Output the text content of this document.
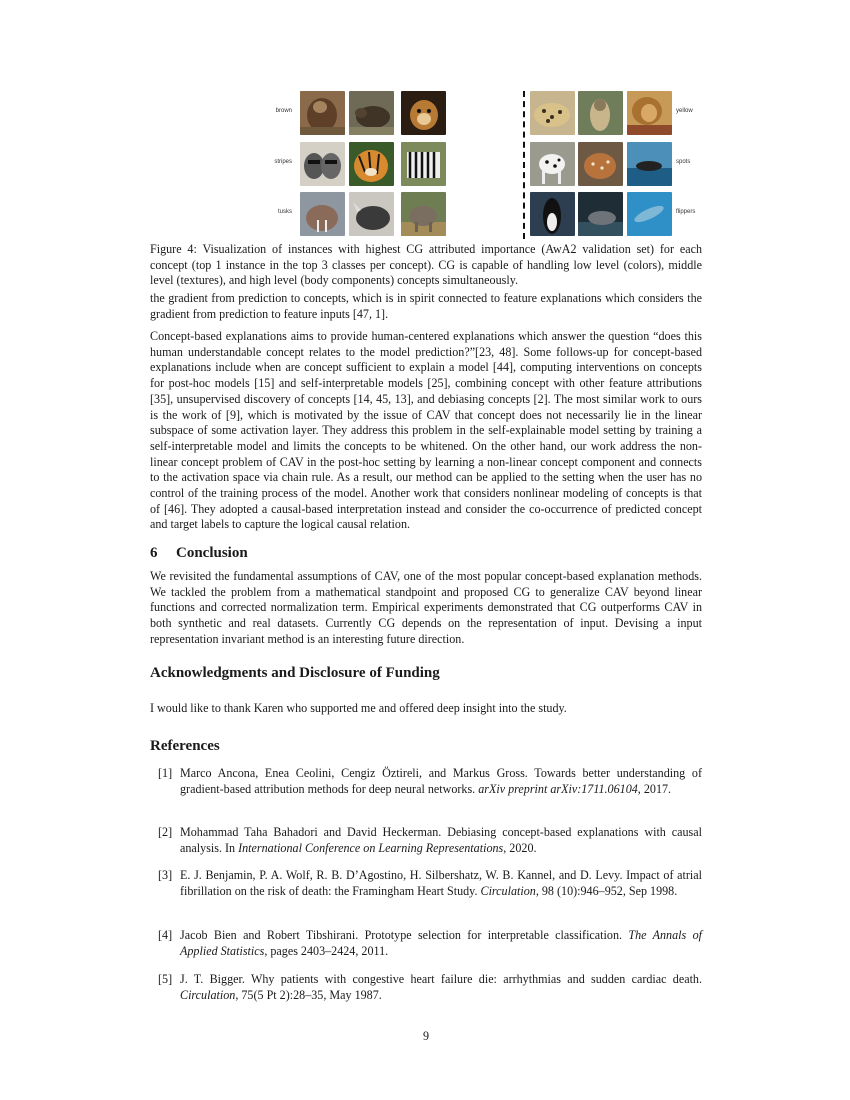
brown	yellow
stripes	spots
tusks	flippers
Figure 4: Visualization of instances with highest CG attributed importance (AwA2 validation set) for each concept (top 1 instance in the top 3 classes per concept). CG is capable of handling low level (colors), middle level (textures), and high level (body components) concepts simultaneously.

the gradient from prediction to concepts, which is in spirit connected to feature explanations which considers the gradient from prediction to feature inputs [47, 1].

Concept-based explanations aims to provide human-centered explanations which answer the question “does this human understandable concept relates to the model prediction?”[23, 48]. Some follows-up for concept-based explanations include when are concept sufficient to explain a model [44], computing interventions on concepts for post-hoc models [15] and self-interpretable models [25], combining concept with other feature attributions [35], unsupervised discovery of concepts [14, 45, 13], and debiasing concepts [2]. The most similar work to ours is the work of [9], which is motivated by the issue of CAV that concept does not necessarily lie in the linear subspace of some activation layer. They address this problem in the self-explainable model setting by training a self-interpretable model and limits the concepts to be whitened. On the other hand, our work address the non-linear concept problem of CAV in the post-hoc setting by learning a non-linear concept component and connects to the activation space via chain rule. As a result, our method can be applied to the setting when the user has no control of the training process of the model. Another work that considers nonlinear modeling of concepts is that of [46]. They adopted a causal-based interpretation instead and consider the co-occurrence of predicted concept and target labels to capture the logical causal relation.

6 Conclusion

We revisited the fundamental assumptions of CAV, one of the most popular concept-based explanation methods. We tackled the problem from a mathematical standpoint and proposed CG to generalize CAV beyond linear functions and corrected normalization term. Empirical experiments demonstrated that CG outperforms CAV in both synthetic and real datasets. Currently CG depends on the representation of input. Devising a input representation invariant method is an interesting future direction.

Acknowledgments and Disclosure of Funding

I would like to thank Karen who supported me and offered deep insight into the study.

References
[1] Marco Ancona, Enea Ceolini, Cengiz Öztireli, and Markus Gross. Towards better understanding of gradient-based attribution methods for deep neural networks. arXiv preprint arXiv:1711.06104, 2017.
[2] Mohammad Taha Bahadori and David Heckerman. Debiasing concept-based explanations with causal analysis. In International Conference on Learning Representations, 2020.
[3] E. J. Benjamin, P. A. Wolf, R. B. D’Agostino, H. Silbershatz, W. B. Kannel, and D. Levy. Impact of atrial fibrillation on the risk of death: the Framingham Heart Study. Circulation, 98 (10):946–952, Sep 1998.
[4] Jacob Bien and Robert Tibshirani. Prototype selection for interpretable classification. The Annals of Applied Statistics, pages 2403–2424, 2011.
[5] J. T. Bigger. Why patients with congestive heart failure die: arrhythmias and sudden cardiac death. Circulation, 75(5 Pt 2):28–35, May 1987.
9
